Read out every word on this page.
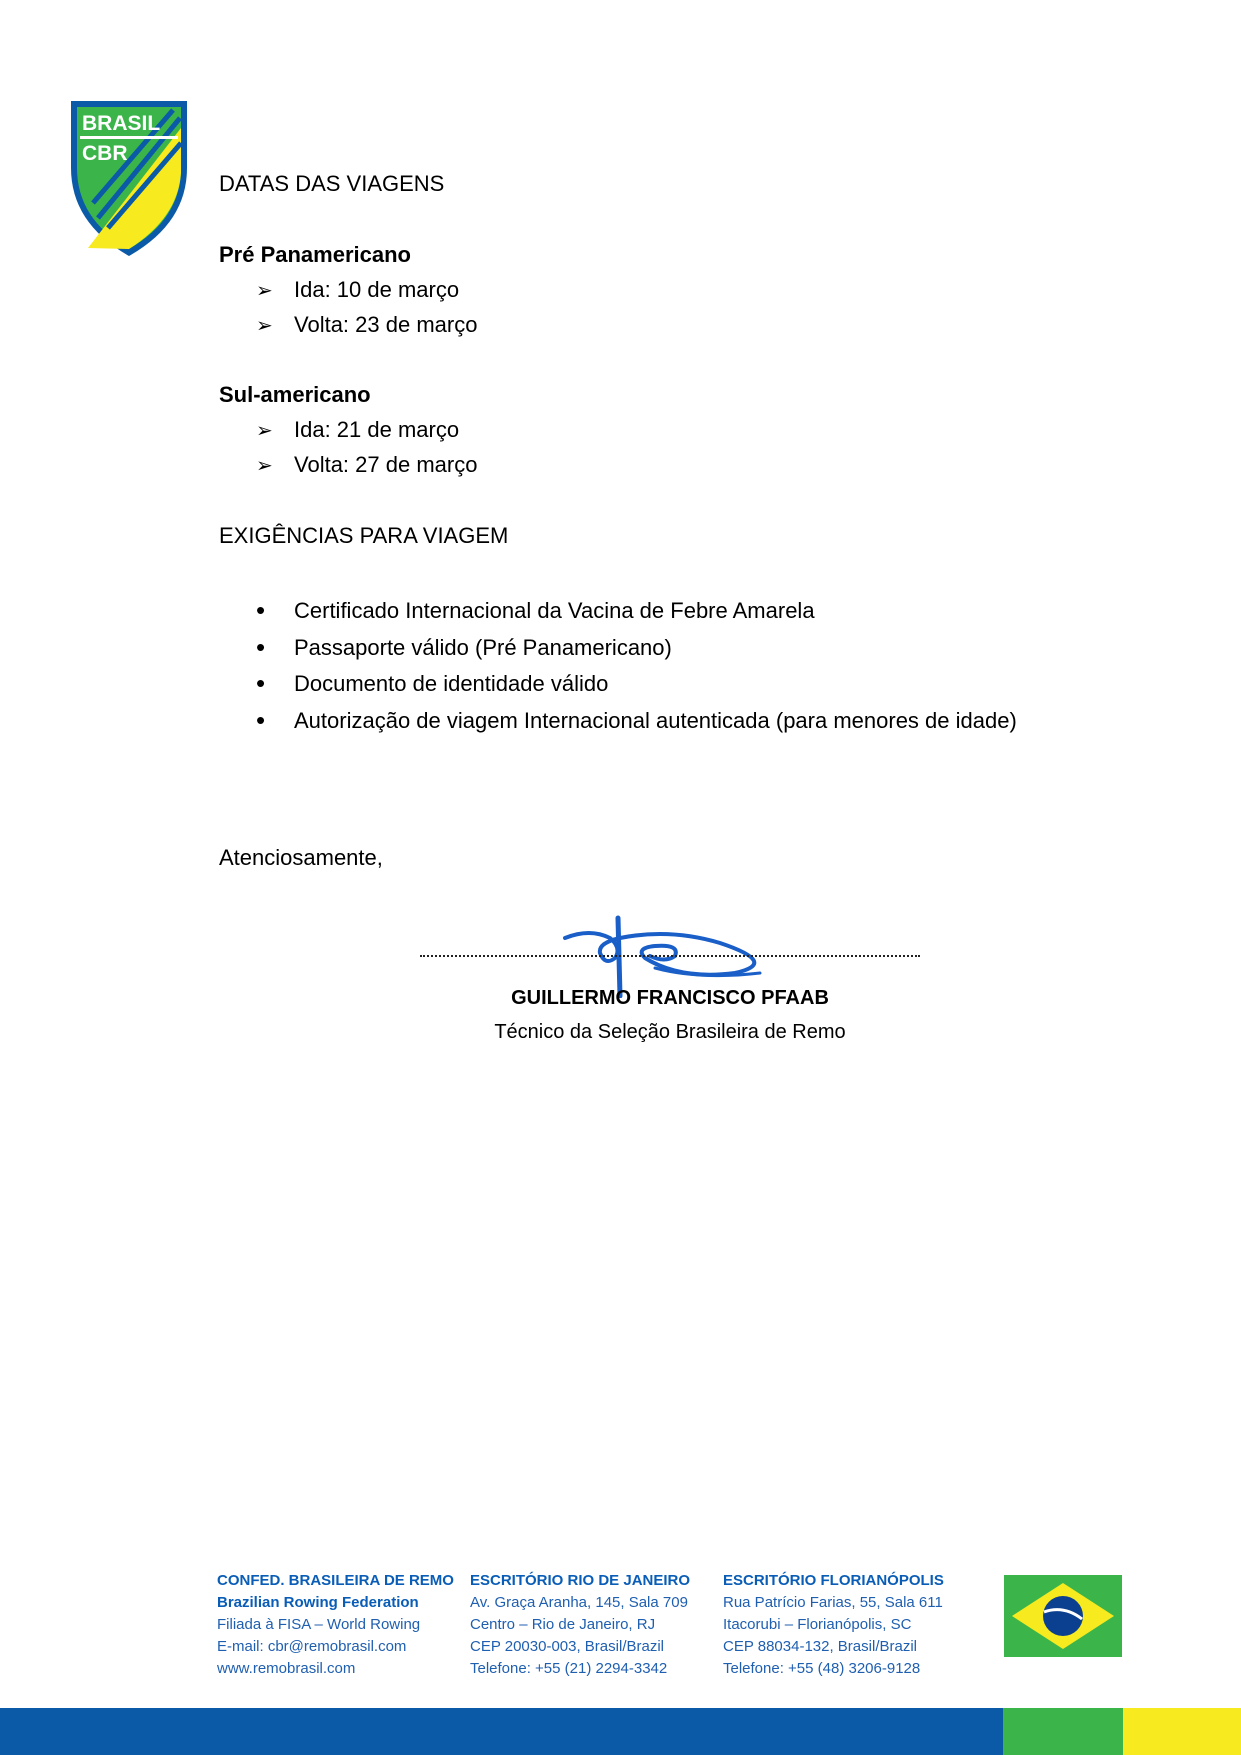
BRASIL
CBR
DATAS DAS VIAGENS
Pré Panamericano
➢ Ida: 10 de março
➢ Volta: 23 de março
Sul-americano
➢ Ida: 21 de março
➢ Volta: 27 de março
EXIGÊNCIAS PARA VIAGEM
• Certificado Internacional da Vacina de Febre Amarela
• Passaporte válido (Pré Panamericano)
• Documento de identidade válido
• Autorização de viagem Internacional autenticada (para menores de idade)
Atenciosamente,
GUILLERMO FRANCISCO PFAAB
Técnico da Seleção Brasileira de Remo
CONFED. BRASILEIRA DE REMO
Brazilian Rowing Federation
Filiada à FISA – World Rowing
E-mail: cbr@remobrasil.com
www.remobrasil.com
ESCRITÓRIO RIO DE JANEIRO
Av. Graça Aranha, 145, Sala 709
Centro – Rio de Janeiro, RJ
CEP 20030-003, Brasil/Brazil
Telefone: +55 (21) 2294-3342
ESCRITÓRIO FLORIANÓPOLIS
Rua Patrício Farias, 55, Sala 611
Itacorubi – Florianópolis, SC
CEP 88034-132, Brasil/Brazil
Telefone: +55 (48) 3206-9128
